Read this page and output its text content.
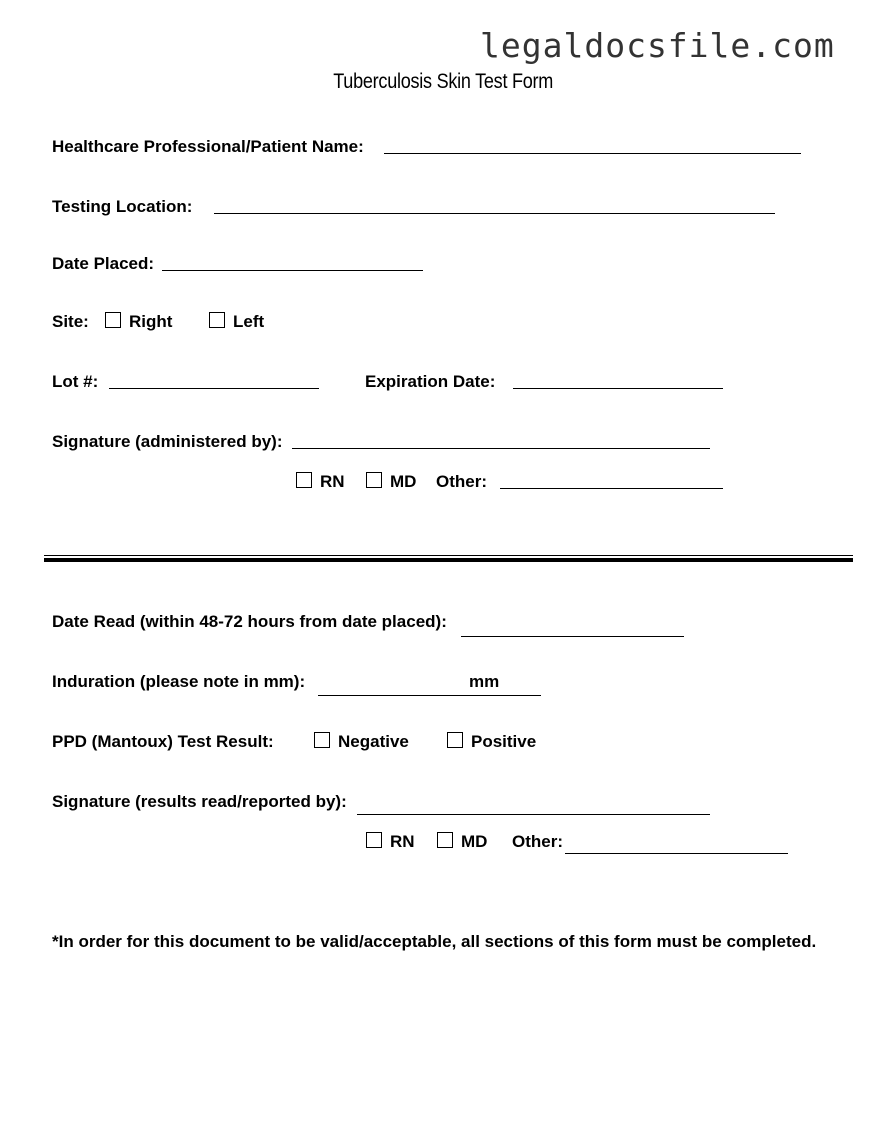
legaldocsfile.com
Tuberculosis Skin Test Form
Healthcare Professional/Patient Name:
Testing Location:
Date Placed:
Site: Right	Left
Lot #:	Expiration Date:
Signature (administered by):
RN	MD Other:
Date Read (within 48-72 hours from date placed):
Induration (please note in mm):	mm
PPD (Mantoux) Test Result:	Negative	Positive
Signature (results read/reported by):
RN	MD Other:
*In order for this document to be valid/acceptable, all sections of this form must be completed.
